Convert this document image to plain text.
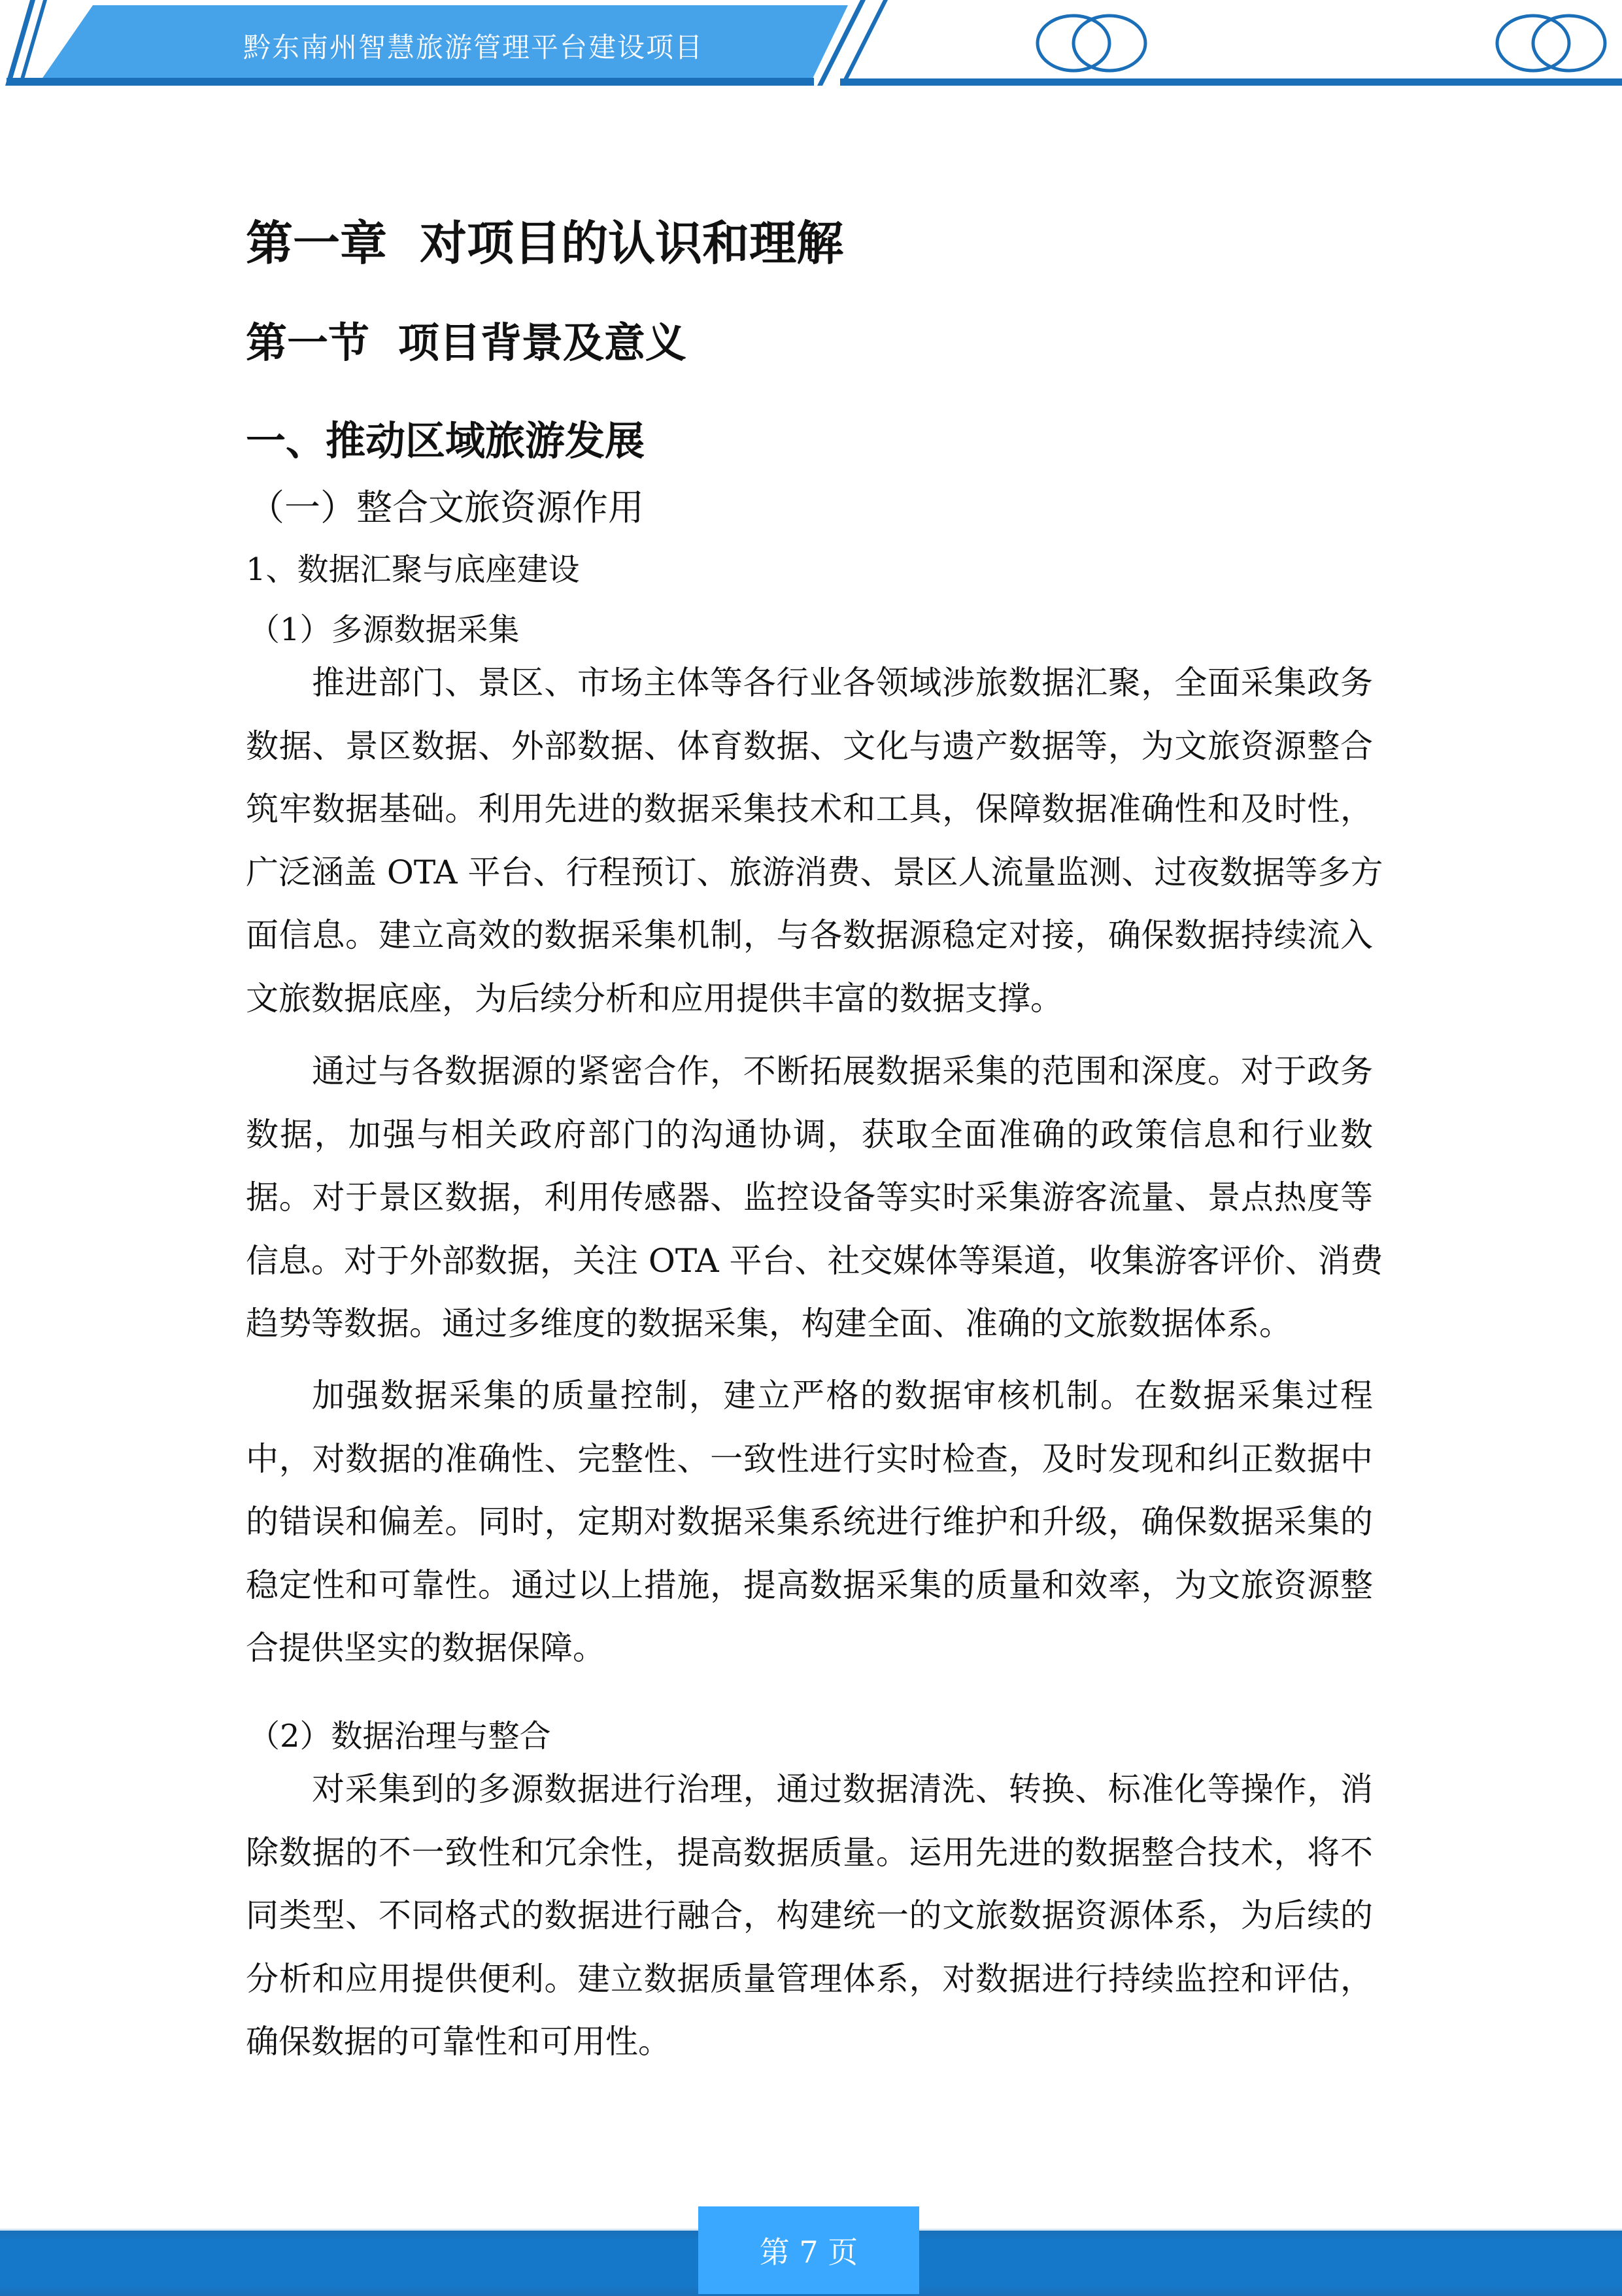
黔东南州智慧旅游管理平台建设项目
第一章  对项目的认识和理解
第一节  项目背景及意义
一、推动区域旅游发展
（一）整合文旅资源作用
1、数据汇聚与底座建设
（1）多源数据采集
（2）数据治理与整合
推进部门、景区、市场主体等各行业各领域涉旅数据汇聚，全面采集政务
数据、景区数据、外部数据、体育数据、文化与遗产数据等，为文旅资源整合
筑牢数据基础。利用先进的数据采集技术和工具，保障数据准确性和及时性，
广泛涵盖 OTA 平台、行程预订、旅游消费、景区人流量监测、过夜数据等多方
面信息。建立高效的数据采集机制，与各数据源稳定对接，确保数据持续流入
文旅数据底座，为后续分析和应用提供丰富的数据支撑。
通过与各数据源的紧密合作，不断拓展数据采集的范围和深度。对于政务
数据，加强与相关政府部门的沟通协调，获取全面准确的政策信息和行业数
据。对于景区数据，利用传感器、监控设备等实时采集游客流量、景点热度等
信息。对于外部数据，关注 OTA 平台、社交媒体等渠道，收集游客评价、消费
趋势等数据。通过多维度的数据采集，构建全面、准确的文旅数据体系。
加强数据采集的质量控制，建立严格的数据审核机制。在数据采集过程
中，对数据的准确性、完整性、一致性进行实时检查，及时发现和纠正数据中
的错误和偏差。同时，定期对数据采集系统进行维护和升级，确保数据采集的
稳定性和可靠性。通过以上措施，提高数据采集的质量和效率，为文旅资源整
合提供坚实的数据保障。
对采集到的多源数据进行治理，通过数据清洗、转换、标准化等操作，消
除数据的不一致性和冗余性，提高数据质量。运用先进的数据整合技术，将不
同类型、不同格式的数据进行融合，构建统一的文旅数据资源体系，为后续的
分析和应用提供便利。建立数据质量管理体系，对数据进行持续监控和评估，
确保数据的可靠性和可用性。
第 7 页
